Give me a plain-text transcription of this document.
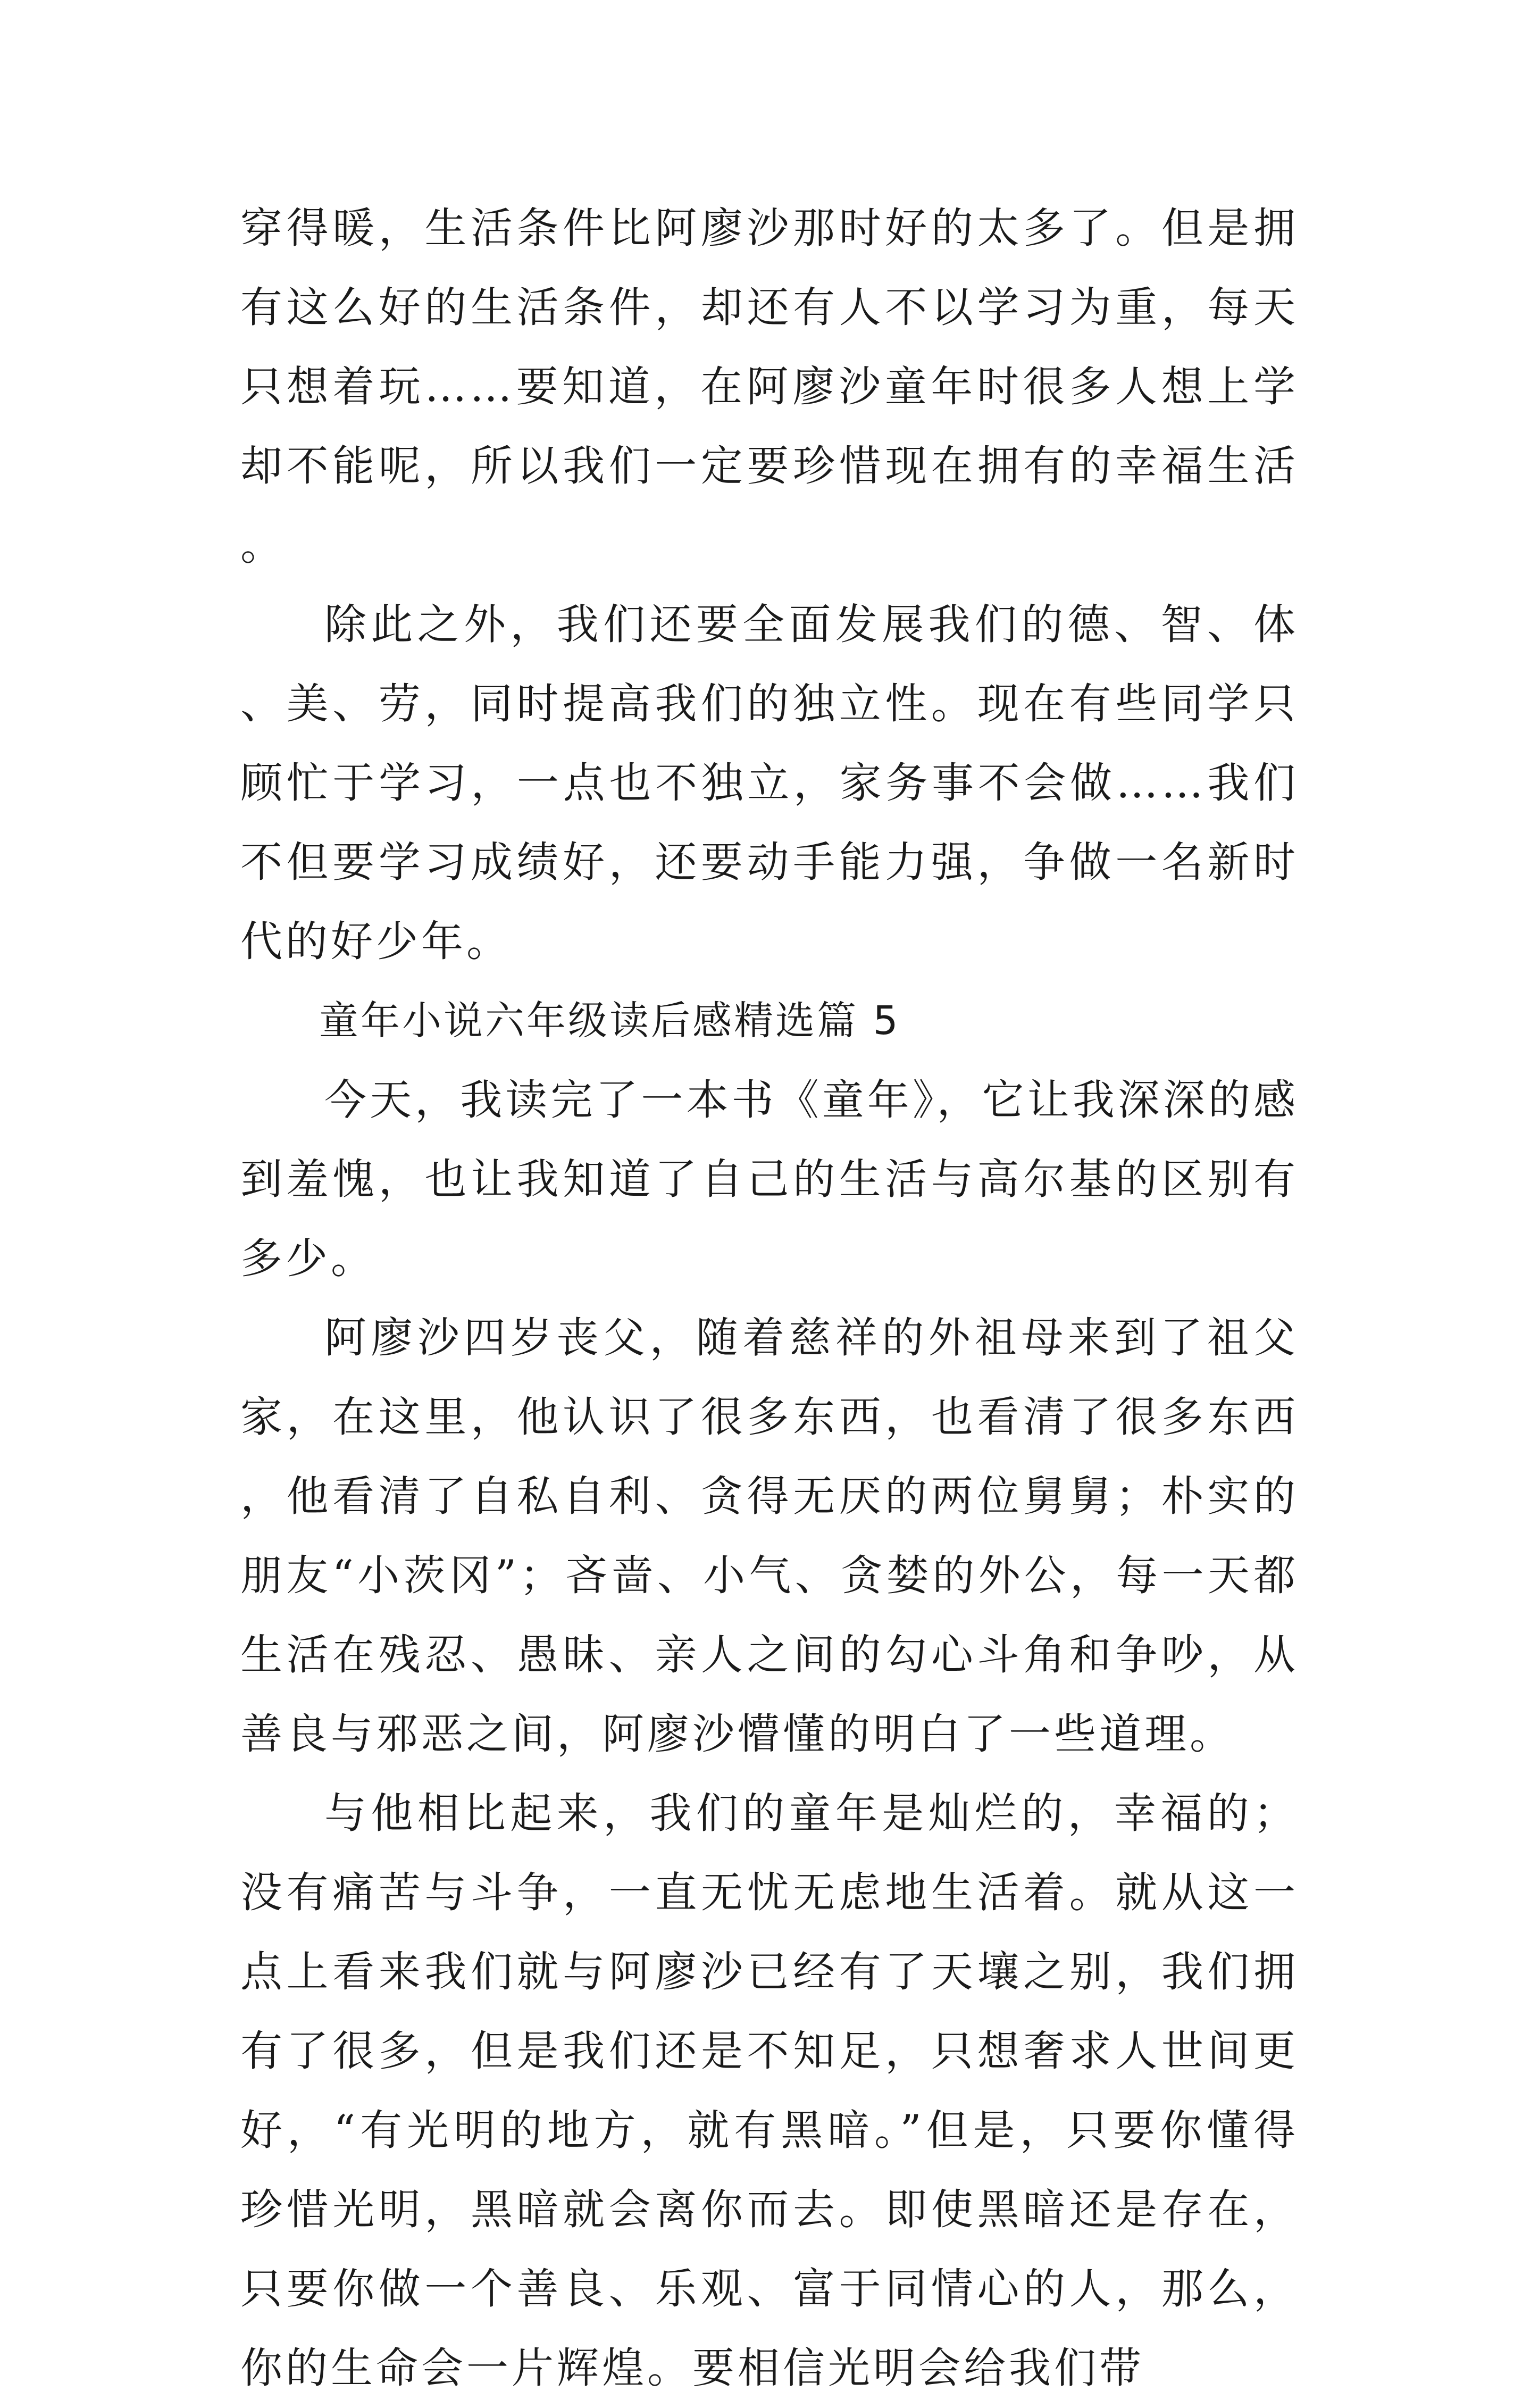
穿得暖，生活条件比阿廖沙那时好的太多了。但是拥有这么好的生活条件，却还有人不以学习为重，每天只想着玩……要知道，在阿廖沙童年时很多人想上学却不能呢，所以我们一定要珍惜现在拥有的幸福生活。

除此之外，我们还要全面发展我们的德、智、体、美、劳，同时提高我们的独立性。现在有些同学只顾忙于学习，一点也不独立，家务事不会做……我们不但要学习成绩好，还要动手能力强，争做一名新时代的好少年。

童年小说六年级读后感精选篇 5

今天，我读完了一本书《童年》，它让我深深的感到羞愧，也让我知道了自己的生活与高尔基的区别有多少。

阿廖沙四岁丧父，随着慈祥的外祖母来到了祖父家，在这里，他认识了很多东西，也看清了很多东西，他看清了自私自利、贪得无厌的两位舅舅；朴实的朋友“小茨冈”；吝啬、小气、贪婪的外公，每一天都生活在残忍、愚昧、亲人之间的勾心斗角和争吵，从善良与邪恶之间，阿廖沙懵懂的明白了一些道理。

与他相比起来，我们的童年是灿烂的，幸福的；没有痛苦与斗争，一直无忧无虑地生活着。就从这一点上看来我们就与阿廖沙已经有了天壤之别，我们拥有了很多，但是我们还是不知足，只想奢求人世间更好，“有光明的地方，就有黑暗。”但是，只要你懂得珍惜光明，黑暗就会离你而去。即使黑暗还是存在，只要你做一个善良、乐观、富于同情心的人，那么，你的生命会一片辉煌。要相信光明会给我们带
